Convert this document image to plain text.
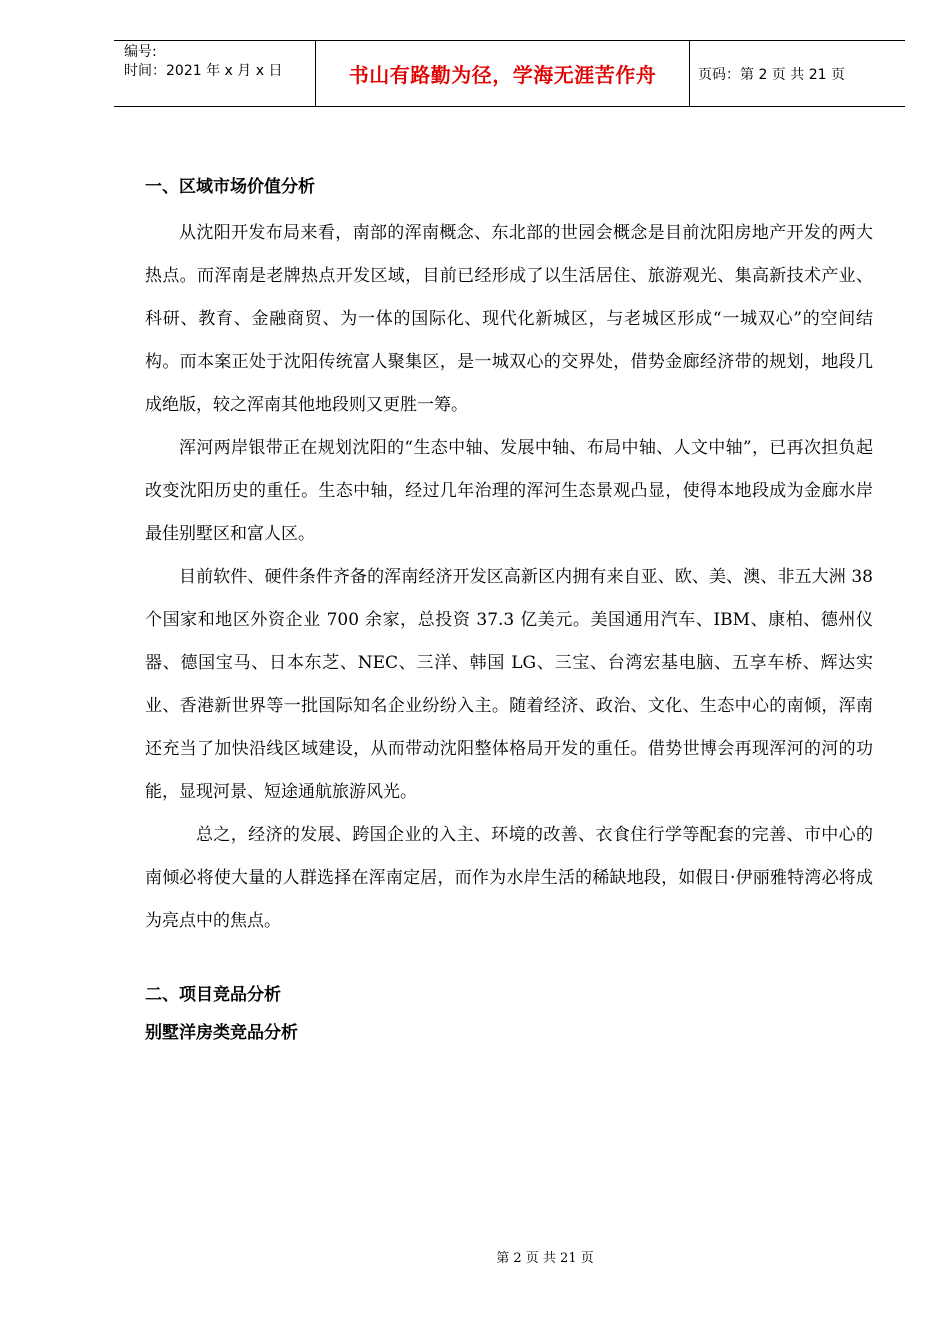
编号:
时间：2021 年 x 月 x 日	书山有路勤为径，学海无涯苦作舟	页码：第 2 页 共 21 页
一、区域市场价值分析

从沈阳开发布局来看，南部的浑南概念、东北部的世园会概念是目前沈阳房地产开发的两大热点。而浑南是老牌热点开发区域，目前已经形成了以生活居住、旅游观光、集高新技术产业、科研、教育、金融商贸、为一体的国际化、现代化新城区，与老城区形成“一城双心”的空间结构。而本案正处于沈阳传统富人聚集区，是一城双心的交界处，借势金廊经济带的规划，地段几成绝版，较之浑南其他地段则又更胜一筹。

浑河两岸银带正在规划沈阳的“生态中轴、发展中轴、布局中轴、人文中轴”，已再次担负起改变沈阳历史的重任。生态中轴，经过几年治理的浑河生态景观凸显，使得本地段成为金廊水岸最佳别墅区和富人区。

目前软件、硬件条件齐备的浑南经济开发区高新区内拥有来自亚、欧、美、澳、非五大洲 38 个国家和地区外资企业 700 余家，总投资 37.3 亿美元。美国通用汽车、IBM、康柏、德州仪器、德国宝马、日本东芝、NEC、三洋、韩国 LG、三宝、台湾宏基电脑、五享车桥、辉达实业、香港新世界等一批国际知名企业纷纷入主。随着经济、政治、文化、生态中心的南倾，浑南还充当了加快沿线区域建设，从而带动沈阳整体格局开发的重任。借势世博会再现浑河的河的功能，显现河景、短途通航旅游风光。

总之，经济的发展、跨国企业的入主、环境的改善、衣食住行学等配套的完善、市中心的南倾必将使大量的人群选择在浑南定居，而作为水岸生活的稀缺地段，如假日·伊丽雅特湾必将成为亮点中的焦点。

二、项目竞品分析
别墅洋房类竞品分析
第 2 页 共 21 页
